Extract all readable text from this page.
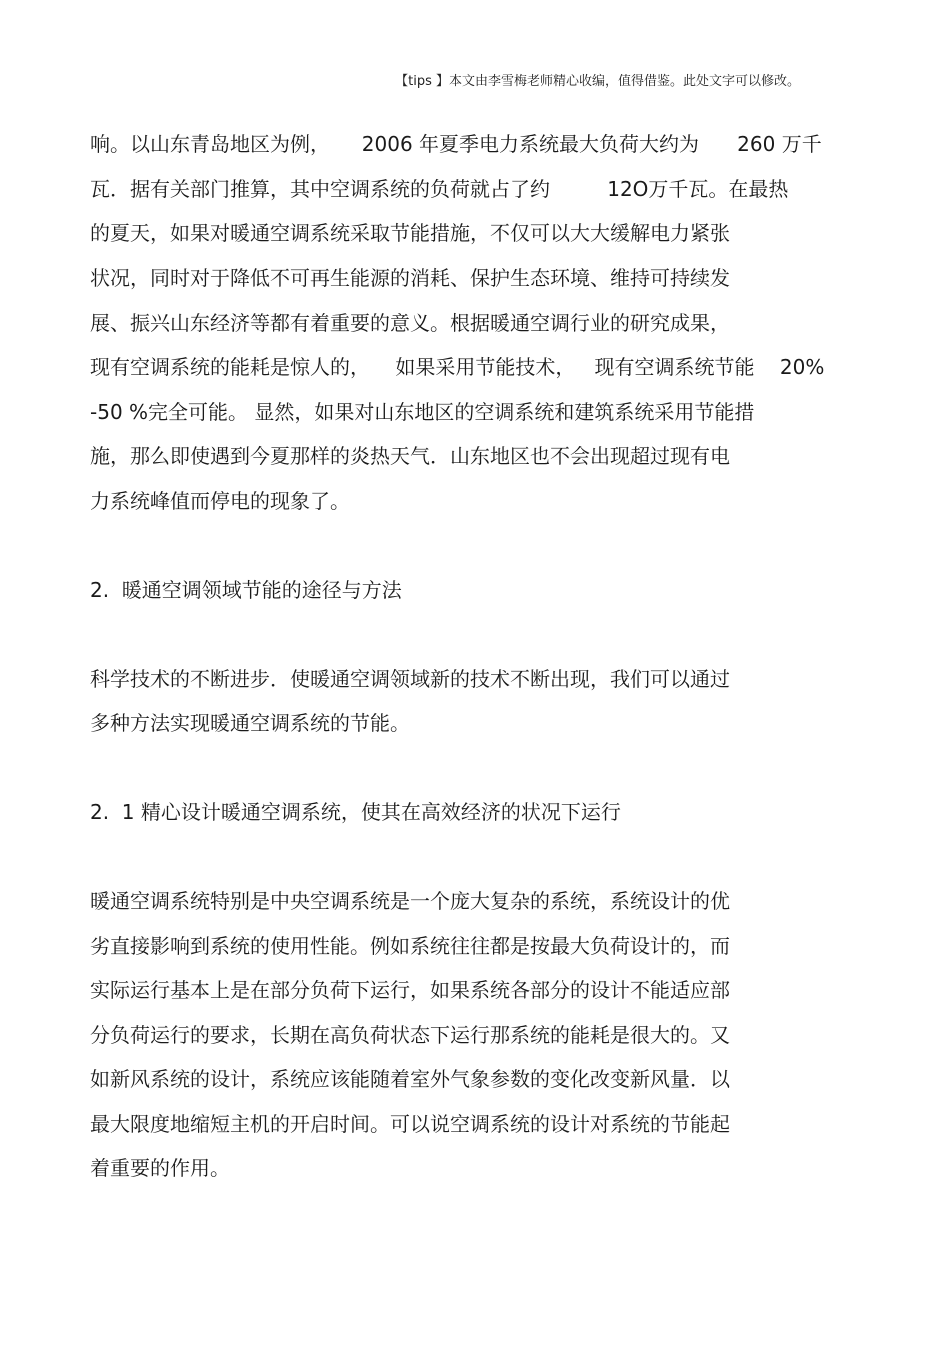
【tips 】本文由李雪梅老师精心收编，值得借鉴。此处文字可以修改。
响。以山东青岛地区为例，     2006 年夏季电力系统最大负荷大约为      260 万千
瓦．据有关部门推算，其中空调系统的负荷就占了约         12O万千瓦。在最热
的夏天，如果对暖通空调系统采取节能措施，不仅可以大大缓解电力紧张
状况，同时对于降低不可再生能源的消耗、保护生态环境、维持可持续发
展、振兴山东经济等都有着重要的意义。根据暖通空调行业的研究成果，
现有空调系统的能耗是惊人的，    如果采用节能技术，   现有空调系统节能    20%
-50 %完全可能。 显然，如果对山东地区的空调系统和建筑系统采用节能措
施，那么即使遇到今夏那样的炎热天气．山东地区也不会出现超过现有电
力系统峰值而停电的现象了。
2.  暖通空调领域节能的途径与方法
科学技术的不断进步．使暖通空调领域新的技术不断出现，我们可以通过
多种方法实现暖通空调系统的节能。
2.  1 精心设计暖通空调系统，使其在高效经济的状况下运行
暖通空调系统特别是中央空调系统是一个庞大复杂的系统，系统设计的优
劣直接影响到系统的使用性能。例如系统往往都是按最大负荷设计的，而
实际运行基本上是在部分负荷下运行，如果系统各部分的设计不能适应部
分负荷运行的要求，长期在高负荷状态下运行那系统的能耗是很大的。又
如新风系统的设计，系统应该能随着室外气象参数的变化改变新风量．以
最大限度地缩短主机的开启时间。可以说空调系统的设计对系统的节能起
着重要的作用。
